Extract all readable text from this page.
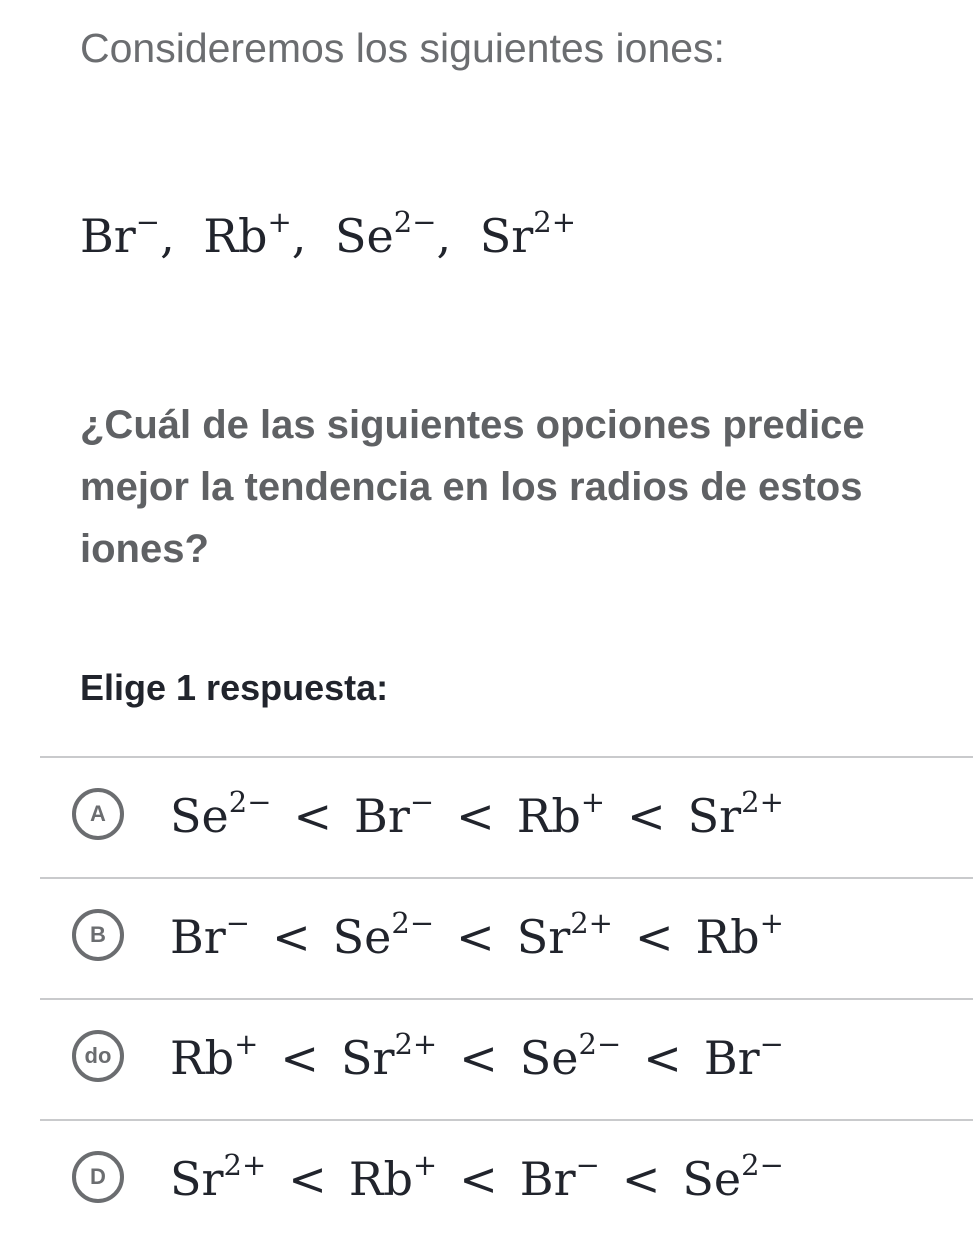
Consideremos los siguientes iones:

Br−, Rb+, $Se^{2-}$, $Sr^{2+}$

¿Cuál de las siguientes opciones predice mejor la tendencia en los radios de estos iones?

Elige 1 respuesta:

A	$Se^{2-} < Br^- < Rb^+ < Sr^{2+}$
B	$Br^- < Se^{2-} < Sr^{2+} < Rb^+$
do $Rb^+ < Sr^{2+} < Se^{2-} < Br^-$
D	$Sr^{2+} < Rb^+ < Br^- < Se^{2-}$
